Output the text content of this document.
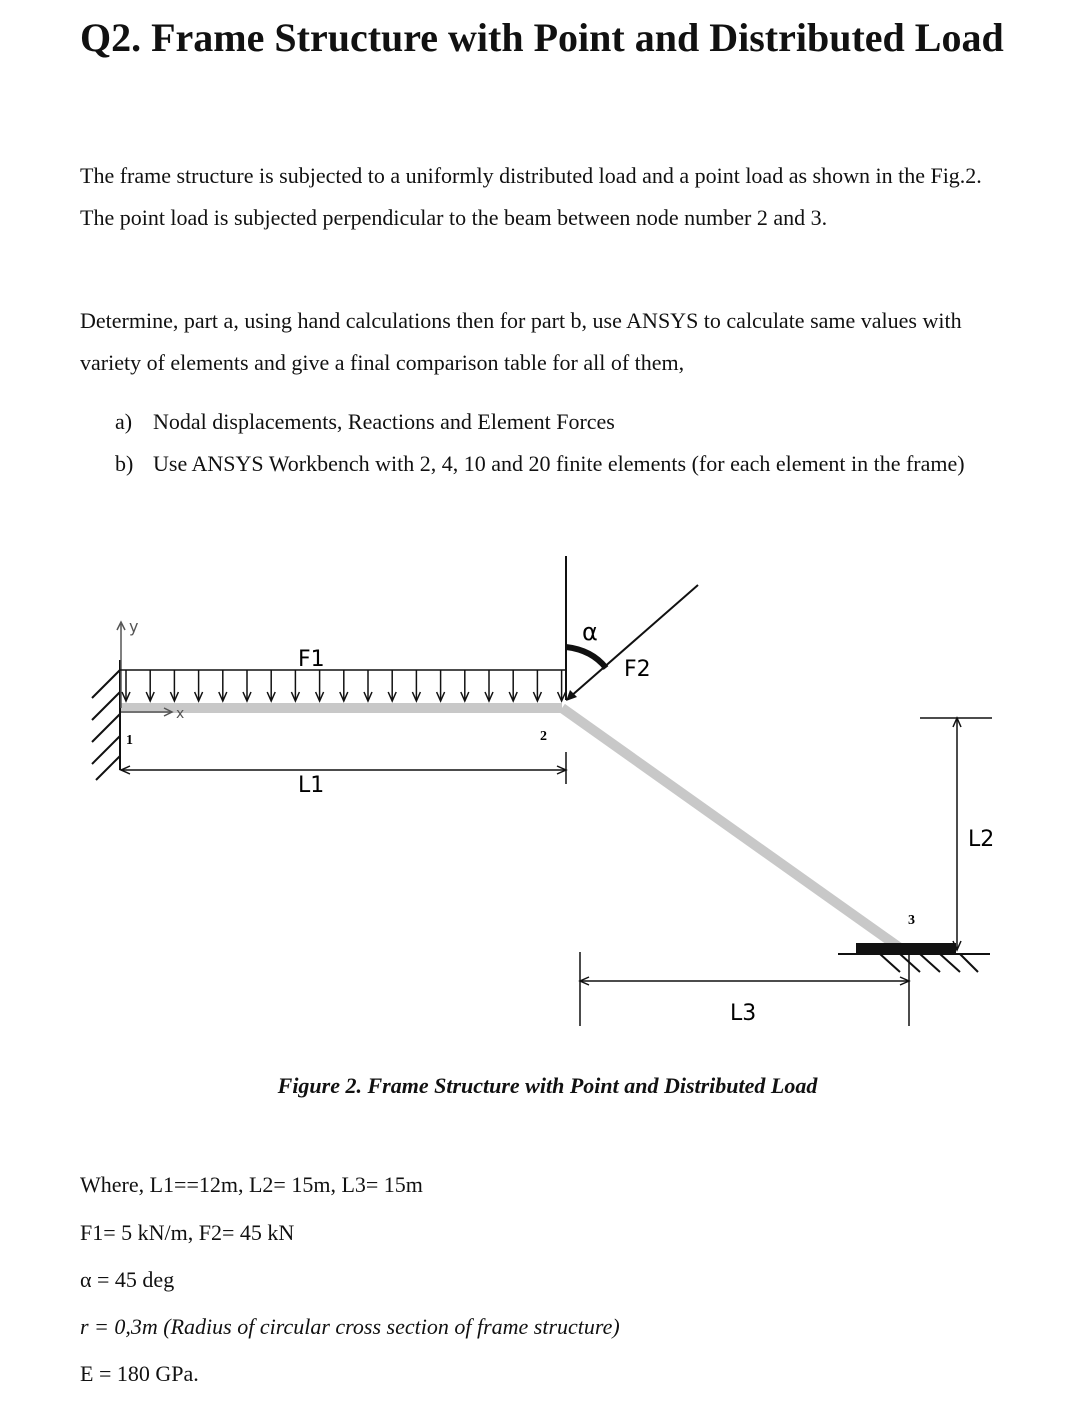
Q2. Frame Structure with Point and Distributed Load

The frame structure is subjected to a uniformly distributed load and a point load as shown in the Fig.2. The point load is subjected perpendicular to the beam between node number 2 and 3.

Determine, part a, using hand calculations then for part b, use ANSYS to calculate same values with variety of elements and give a final comparison table for all of them,

a) Nodal displacements, Reactions and Element Forces
b) Use ANSYS Workbench with 2, 4, 10 and 20 finite elements (for each element in the frame)
y
x
F1
α
F2
1	2
3
L1
L2
L3
Figure 2. Frame Structure with Point and Distributed Load

Where, L1==12m, L2= 15m, L3= 15m

F1= 5 kN/m, F2= 45 kN

α = 45 deg

r = 0,3m (Radius of circular cross section of frame structure)

E = 180 GPa.
